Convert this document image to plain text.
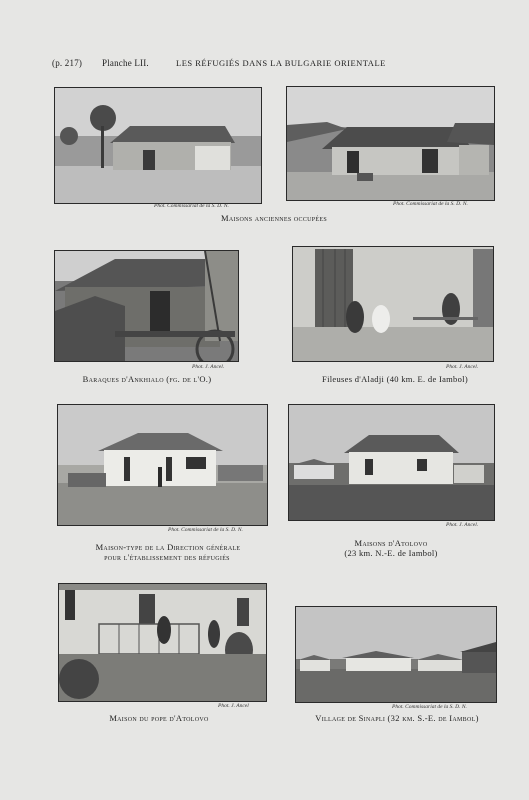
(p. 217) Planche LII.	LES RÉFUGIÉS DANS LA BULGARIE ORIENTALE
Phot. Commissariat de la S. D. N.	Phot. Commissariat de la S. D. N.
Maisons anciennes occupées
Phot. J. Ancel.
Baraques d'Ankhialo (fg. de l'O.)
Phot. J. Ancel.
Fileuses d'Aladji (40 km. E. de Iambol)
Phot. Commissariat de la S. D. N.
Maison-type de la Direction générale
pour l'établissement des réfugiés
Phot. J. Ancel.
Maisons d'Atolovo
(23 km. N.-E. de Iambol)
Phot. J. Ancel
Maison du pope d'Atolovo
Phot. Commissariat de la S. D. N.
Village de Sinapli (32 km. S.-E. de Iambol)
